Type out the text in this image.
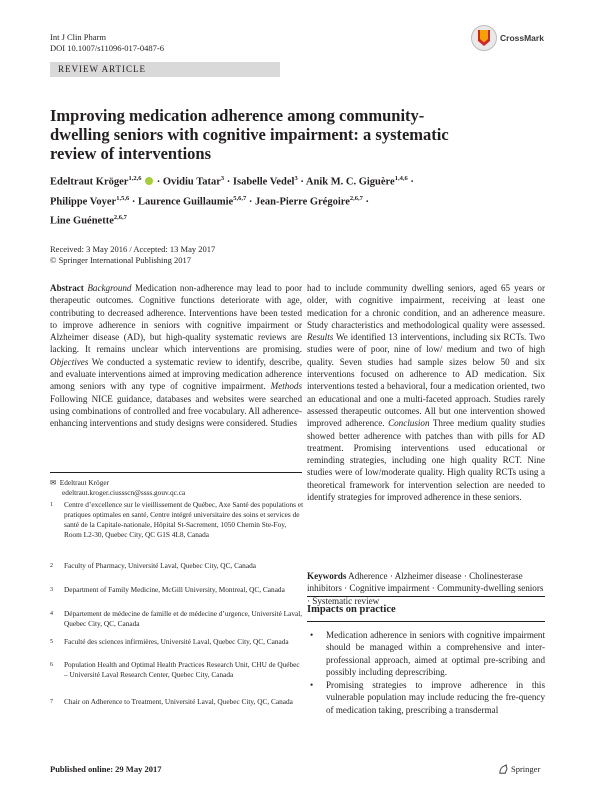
Int J Clin Pharm
DOI 10.1007/s11096-017-0487-6
CrossMark
REVIEW ARTICLE
Improving medication adherence among community-dwelling seniors with cognitive impairment: a systematic review of interventions
Edeltraut Kröger$^{1,2,6}$  · Ovidiu Tatar$^3$ · Isabelle Vedel$^3$ · Anik M. C. Giguère$^{1,4,6}$ ·
Philippe Voyer$^{1,5,6}$ · Laurence Guillaumie$^{5,6,7}$ · Jean-Pierre Grégoire$^{2,6,7}$ ·
Line Guénette$^{2,6,7}$
Received: 3 May 2016 / Accepted: 13 May 2017
© Springer International Publishing 2017
Abstract Background Medication non-adherence may lead to poor therapeutic outcomes. Cognitive functions deteriorate with age, contributing to decreased adherence. Interventions have been tested to improve adherence in seniors with cognitive impairment or Alzheimer disease (AD), but high-quality systematic reviews are lacking. It remains unclear which interventions are promising. Objectives We conducted a systematic review to identify, describe, and evaluate interventions aimed at improving medication adherence among seniors with any type of cognitive impairment. Methods Following NICE guidance, databases and websites were searched using combinations of controlled and free vocabulary. All adherence-enhancing interventions and study designs were considered. Studies
had to include community dwelling seniors, aged 65 years or older, with cognitive impairment, receiving at least one medication for a chronic condition, and an adherence measure. Study characteristics and methodological quality were assessed. Results We identified 13 interventions, including six RCTs. Two studies were of poor, nine of low/ medium and two of high quality. Seven studies had sample sizes below 50 and six interventions focused on adherence to AD medication. Six interventions tested a behavioral, four a medication oriented, two an educational and one a multi-faceted approach. Studies rarely assessed therapeutic outcomes. All but one intervention showed improved adherence. Conclusion Three medium quality studies showed better adherence with patches than with pills for AD treatment. Promising interventions used educational or reminding strategies, including one high quality RCT. Nine studies were of low/moderate quality. High quality RCTs using a theoretical framework for intervention selection are needed to identify strategies for improved adherence in these seniors.
✉ Edeltraut Kröger
edeltraut.kroger.ciussscn@ssss.gouv.qc.ca
1 Centre d’excellence sur le vieillissement de Québec, Axe Santé des populations et pratiques optimales en santé, Centre intégré universitaire des soins et services de santé de la Capitale-nationale, Hôpital St-Sacrement, 1050 Chemin Ste-Foy, Room L2-30, Quebec City, QC G1S 4L8, Canada
2 Faculty of Pharmacy, Université Laval, Quebec City, QC, Canada
3 Department of Family Medicine, McGill University, Montreal, QC, Canada
4 Département de médecine de famille et de médecine d’urgence, Université Laval, Quebec City, QC, Canada
5 Faculté des sciences infirmières, Université Laval, Quebec City, QC, Canada
6 Population Health and Optimal Health Practices Research Unit, CHU de Québec – Université Laval Research Center, Quebec City, Canada
7 Chair on Adherence to Treatment, Université Laval, Quebec City, QC, Canada
Keywords Adherence · Alzheimer disease · Cholinesterase inhibitors · Cognitive impairment · Community-dwelling seniors · Systematic review
Impacts on practice
• Medication adherence in seniors with cognitive impairment should be managed within a comprehensive and inter-professional approach, aimed at optimal pre-scribing and possibly including deprescribing.
• Promising strategies to improve adherence in this vulnerable population may include reducing the fre-quency of medication taking, prescribing a transdermal
Published online: 29 May 2017	Springer
